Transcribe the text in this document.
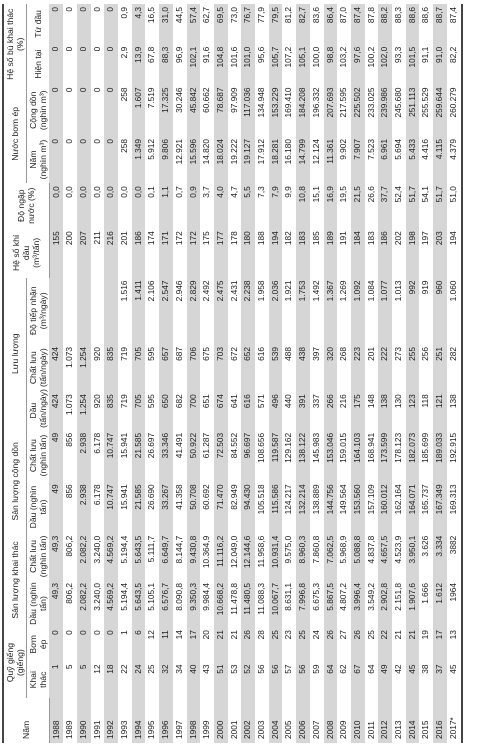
Năm	Quỹ giếng (giếng)		Sản lượng khai thác		Sản lượng cộng dồn		Lưu lượng			Hệ số khí dầu (m³/tấn)	Độ ngập nước (%)	Nước bơm ép		Hệ số bù khai thác (%)	
	Khai thác	Bơm ép	Dầu (nghìn tấn)	Chất lưu (nghìn tấn)	Dầu (nghìn tấn)	Chất lưu (nghìn tấn)	Dầu (tấn/ngày)	Chất lưu (tấn/ngày)	Độ tiếp nhận (m³/ngày)			Năm (nghìn m³)	Cộng dồn (nghìn m³)	Hiện tại	Từ đầu

1988	1	0	49,3	49,3	49	49	424	424		155	0,0	0	0	0	0
1989	5	0	806,2	806,2	856	856	1.073	1.073		200	0,0	0	0	0	0
1990	5	0	2.082,2	2.082,2	2.938	2.938	1.254	1.254		207	0,0	0	0	0	0
1991	12	0	3.240,0	3.240,0	6.178	6.178	920	920		211	0,0	0	0	0	0
1992	18	0	4.569,2	4.569,2	10.747	10.747	835	835		216	0,0	0	0	0	0
1993	22	1	5.194,4	5.194,4	15.941	15.941	719	719	1.516	201	0,0	258	258	2,9	0,9
1994	24	6	5.643,5	5.643,5	21.585	21.585	705	705	1.411	186	0,0	1.349	1.607	13,9	4,3
1995	25	12	5.105,1	5.111,7	26.690	26.697	595	595	2.106	174	0,1	5.912	7.519	67,8	16,5
1996	32	11	6.576,7	6.649,7	33.267	33.346	650	657	2.547	171	1,1	9.806	17.325	88,3	31,0
1997	34	14	8.090,8	8.144,7	41.358	41.491	682	687	2.946	172	0,7	12.921	30.246	96,9	44,5
1998	40	17	9.350,3	9.430,8	50.708	50.922	700	706	2.829	172	0,9	15.596	45.842	102,1	57,4
1999	43	20	9.984,4	10.364,9	60.692	61.287	651	675	2.492	175	3,7	14.820	60.662	91,6	62,7
2000	51	21	10.668,2	11.116,2	71.470	72.503	674	703	2.475	177	4,0	18.024	78.687	104,8	69,5
2001	53	21	11.478,8	12.049,0	82.949	84.552	641	672	2.431	178	4,7	19.222	97.909	101,6	73,0
2002	52	26	11.480,5	12.144,6	94.430	96.697	616	652	2.238	180	5,5	19.127	117.036	101,0	76,7
2003	56	28	11.088,3	11.958,6	105.518	108.656	571	616	1.958	188	7,3	17.912	134.948	95,6	77,9
2004	56	25	10.067,7	10.931,4	115.586	119.587	496	539	2.036	194	7,9	18.281	153.229	105,7	79,5
2005	57	23	8.631,1	9.575,0	124.217	129.162	440	488	1.921	182	9,9	16.180	169.410	107,2	81,2
2006	56	25	7.996,8	8.960,3	132.214	138.122	391	438	1.753	183	10,8	14.799	184.208	105,1	82,7
2007	59	24	6.675,3	7.860,8	138.889	145.983	337	397	1.492	185	15,1	12.124	196.332	100,0	83,6
2008	64	26	5.867,5	7.062,5	144.756	153.046	266	320	1.367	189	16,9	11.361	207.693	98,8	86,4
2009	62	27	4.807,2	5.968,9	149.564	159.015	216	268	1.269	191	19,5	9.902	217.595	103,2	87,0
2010	67	26	3.996,4	5.088,8	153.560	164.103	175	223	1.092	184	21,5	7.907	225.502	97,6	87,4
2011	64	25	3.549,2	4.837,8	157.109	168.941	148	201	1.084	183	26,6	7.523	233.025	100,2	87,8
2012	49	22	2.902,8	4.657,5	160.012	173.599	138	222	1.077	186	37,7	6.961	239.986	102,0	88,2
2013	42	21	2.151,8	4.523,9	162.164	178.123	130	273	1.013	202	52,4	5.694	245.680	93,3	88,3
2014	45	21	1.907,6	3.950,1	164.071	182.073	123	255	992	198	51,7	5.433	251.113	101,5	88,6
2015	38	19	1.666	3.626	165.737	185.699	118	256	919	197	54,1	4.416	255.529	91,1	88,6
2016	37	17	1.612	3.334	167.349	189.033	121	251	960	203	51,7	4.115	259.644	91,0	88,7
2017*	45	13	1964	3882	169.313	192.915	138	282	1.060	194	51,0	4.379	260.279	82,2	87,4
